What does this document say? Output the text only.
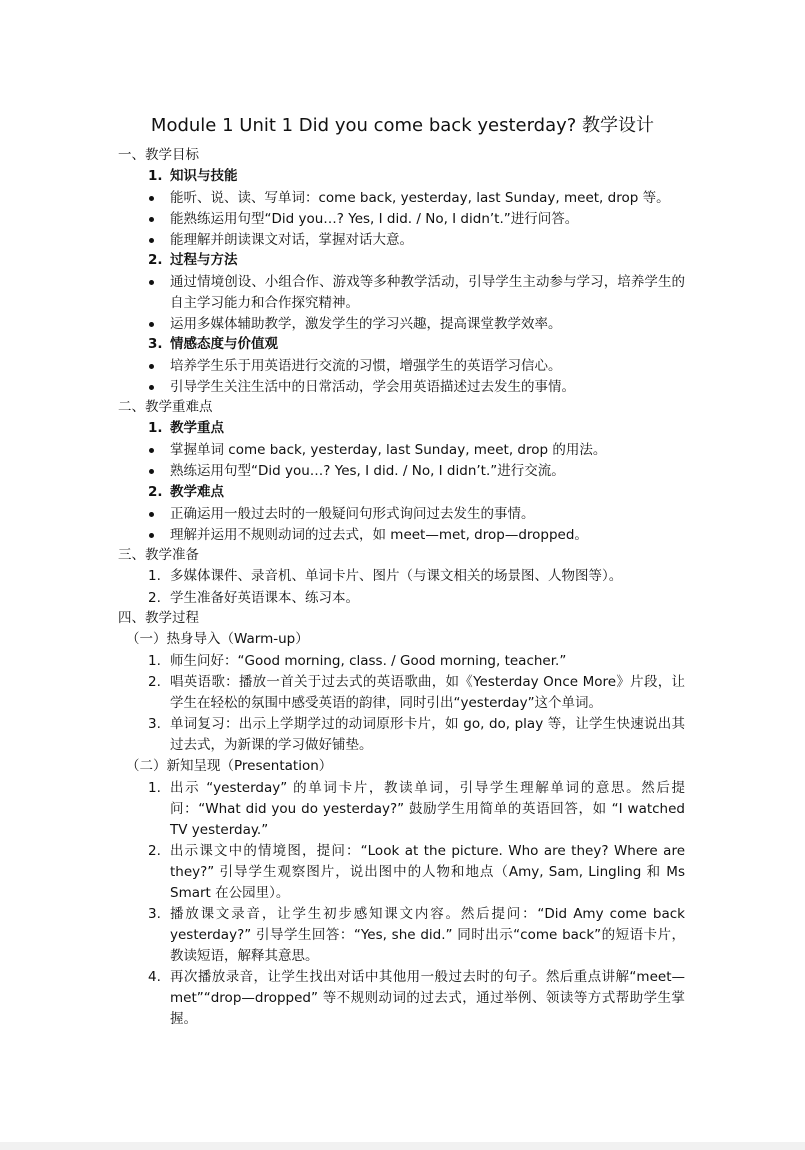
Module 1 Unit 1 Did you come back yesterday? 教学设计
一、教学目标
1. 知识与技能
能听、说、读、写单词：come back, yesterday, last Sunday, meet, drop 等。
能熟练运用句型“Did you…? Yes, I did. / No, I didn’t.”进行问答。
能理解并朗读课文对话，掌握对话大意。
2. 过程与方法
通过情境创设、小组合作、游戏等多种教学活动，引导学生主动参与学习，培养学生的自主学习能力和合作探究精神。
运用多媒体辅助教学，激发学生的学习兴趣，提高课堂教学效率。
3. 情感态度与价值观
培养学生乐于用英语进行交流的习惯，增强学生的英语学习信心。
引导学生关注生活中的日常活动，学会用英语描述过去发生的事情。
二、教学重难点
1. 教学重点
掌握单词 come back, yesterday, last Sunday, meet, drop 的用法。
熟练运用句型“Did you…? Yes, I did. / No, I didn’t.”进行交流。
2. 教学难点
正确运用一般过去时的一般疑问句形式询问过去发生的事情。
理解并运用不规则动词的过去式，如 meet—met, drop—dropped。
三、教学准备
1. 多媒体课件、录音机、单词卡片、图片（与课文相关的场景图、人物图等）。
2. 学生准备好英语课本、练习本。
四、教学过程
（一）热身导入（Warm-up）
1. 师生问好：“Good morning, class. / Good morning, teacher.”
2. 唱英语歌：播放一首关于过去式的英语歌曲，如《Yesterday Once More》片段，让学生在轻松的氛围中感受英语的韵律，同时引出“yesterday”这个单词。
3. 单词复习：出示上学期学过的动词原形卡片，如 go, do, play 等，让学生快速说出其过去式，为新课的学习做好铺垫。
（二）新知呈现（Presentation）
1. 出示 “yesterday” 的单词卡片，教读单词，引导学生理解单词的意思。然后提问：“What did you do yesterday?” 鼓励学生用简单的英语回答，如 “I watched TV yesterday.”
2. 出示课文中的情境图，提问：“Look at the picture. Who are they? Where are they?” 引导学生观察图片，说出图中的人物和地点（Amy, Sam, Lingling 和 Ms Smart 在公园里）。
3. 播放课文录音，让学生初步感知课文内容。然后提问：“Did Amy come back yesterday?” 引导学生回答：“Yes, she did.” 同时出示“come back”的短语卡片，教读短语，解释其意思。
4. 再次播放录音，让学生找出对话中其他用一般过去时的句子。然后重点讲解“meet—met”“drop—dropped” 等不规则动词的过去式，通过举例、领读等方式帮助学生掌握。
